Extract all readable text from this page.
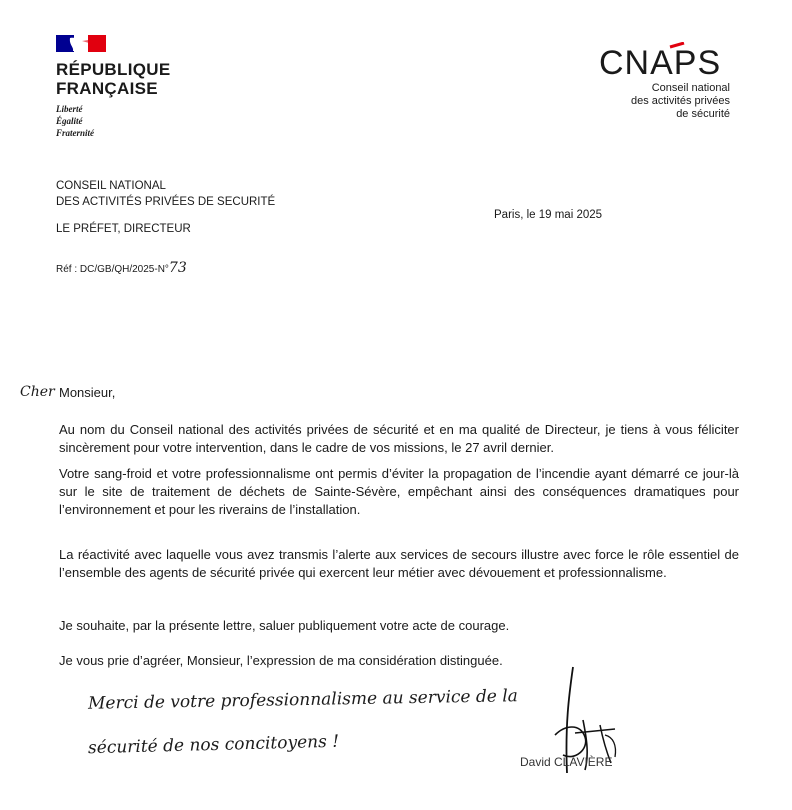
RÉPUBLIQUE
FRANÇAISE
Liberté
Égalité
Fraternité
CNAPS
Conseil national
des activités privées
de sécurité
CONSEIL NATIONAL
DES ACTIVITÉS PRIVÉES DE SECURITÉ
LE PRÉFET, DIRECTEUR
Réf : DC/GB/QH/2025-N°73
Paris, le 19 mai 2025
Cher Monsieur,
Au nom du Conseil national des activités privées de sécurité et en ma qualité de Directeur, je tiens à vous féliciter sincèrement pour votre intervention, dans le cadre de vos missions, le 27 avril dernier.
Votre sang-froid et votre professionnalisme ont permis d’éviter la propagation de l’incendie ayant démarré ce jour-là sur le site de traitement de déchets de Sainte-Sévère, empêchant ainsi des conséquences dramatiques pour l’environnement et pour les riverains de l’installation.
La réactivité avec laquelle vous avez transmis l’alerte aux services de secours illustre avec force le rôle essentiel de l’ensemble des agents de sécurité privée qui exercent leur métier avec dévouement et professionnalisme.
Je souhaite, par la présente lettre, saluer publiquement votre acte de courage.
Je vous prie d’agréer, Monsieur, l’expression de ma considération distinguée.
Merci de votre professionnalisme au service de la
sécurité de nos concitoyens !
David CLAVIÈRE
